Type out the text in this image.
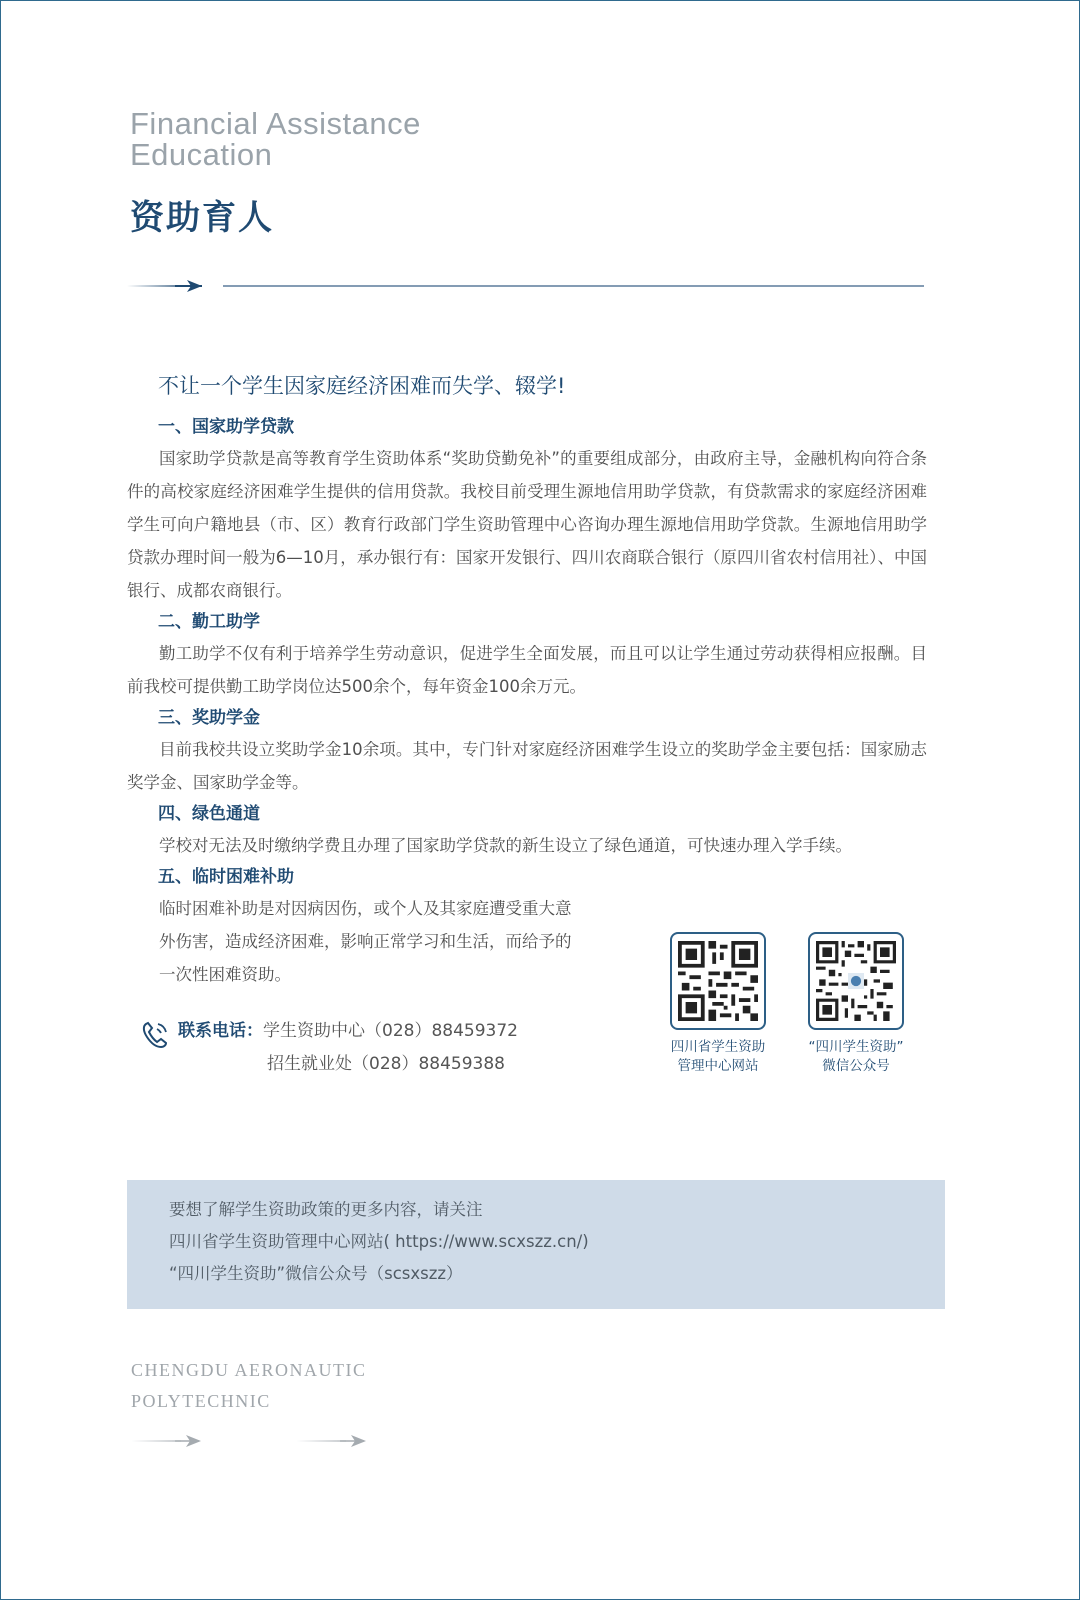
Financial Assistance
Education
资助育人
不让一个学生因家庭经济困难而失学、辍学!
一、国家助学贷款
国家助学贷款是高等教育学生资助体系“奖助贷勤免补”的重要组成部分，由政府主导，金融机构向符合条件的高校家庭经济困难学生提供的信用贷款。我校目前受理生源地信用助学贷款，有贷款需求的家庭经济困难学生可向户籍地县（市、区）教育行政部门学生资助管理中心咨询办理生源地信用助学贷款。生源地信用助学贷款办理时间一般为6—10月，承办银行有：国家开发银行、四川农商联合银行（原四川省农村信用社）、中国银行、成都农商银行。
二、勤工助学
勤工助学不仅有利于培养学生劳动意识，促进学生全面发展，而且可以让学生通过劳动获得相应报酬。目前我校可提供勤工助学岗位达500余个，每年资金100余万元。
三、奖助学金
目前我校共设立奖助学金10余项。其中，专门针对家庭经济困难学生设立的奖助学金主要包括：国家励志奖学金、国家助学金等。
四、绿色通道
学校对无法及时缴纳学费且办理了国家助学贷款的新生设立了绿色通道，可快速办理入学手续。
五、临时困难补助
临时困难补助是对因病因伤，或个人及其家庭遭受重大意外伤害，造成经济困难，影响正常学习和生活，而给予的一次性困难资助。
联系电话：学生资助中心（028）88459372
招生就业处（028）88459388
四川省学生资助
管理中心网站
“四川学生资助”
微信公众号
要想了解学生资助政策的更多内容，请关注
四川省学生资助管理中心网站( https://www.scxszz.cn/)
“四川学生资助”微信公众号（scsxszz）
CHENGDU AERONAUTIC
POLYTECHNIC
